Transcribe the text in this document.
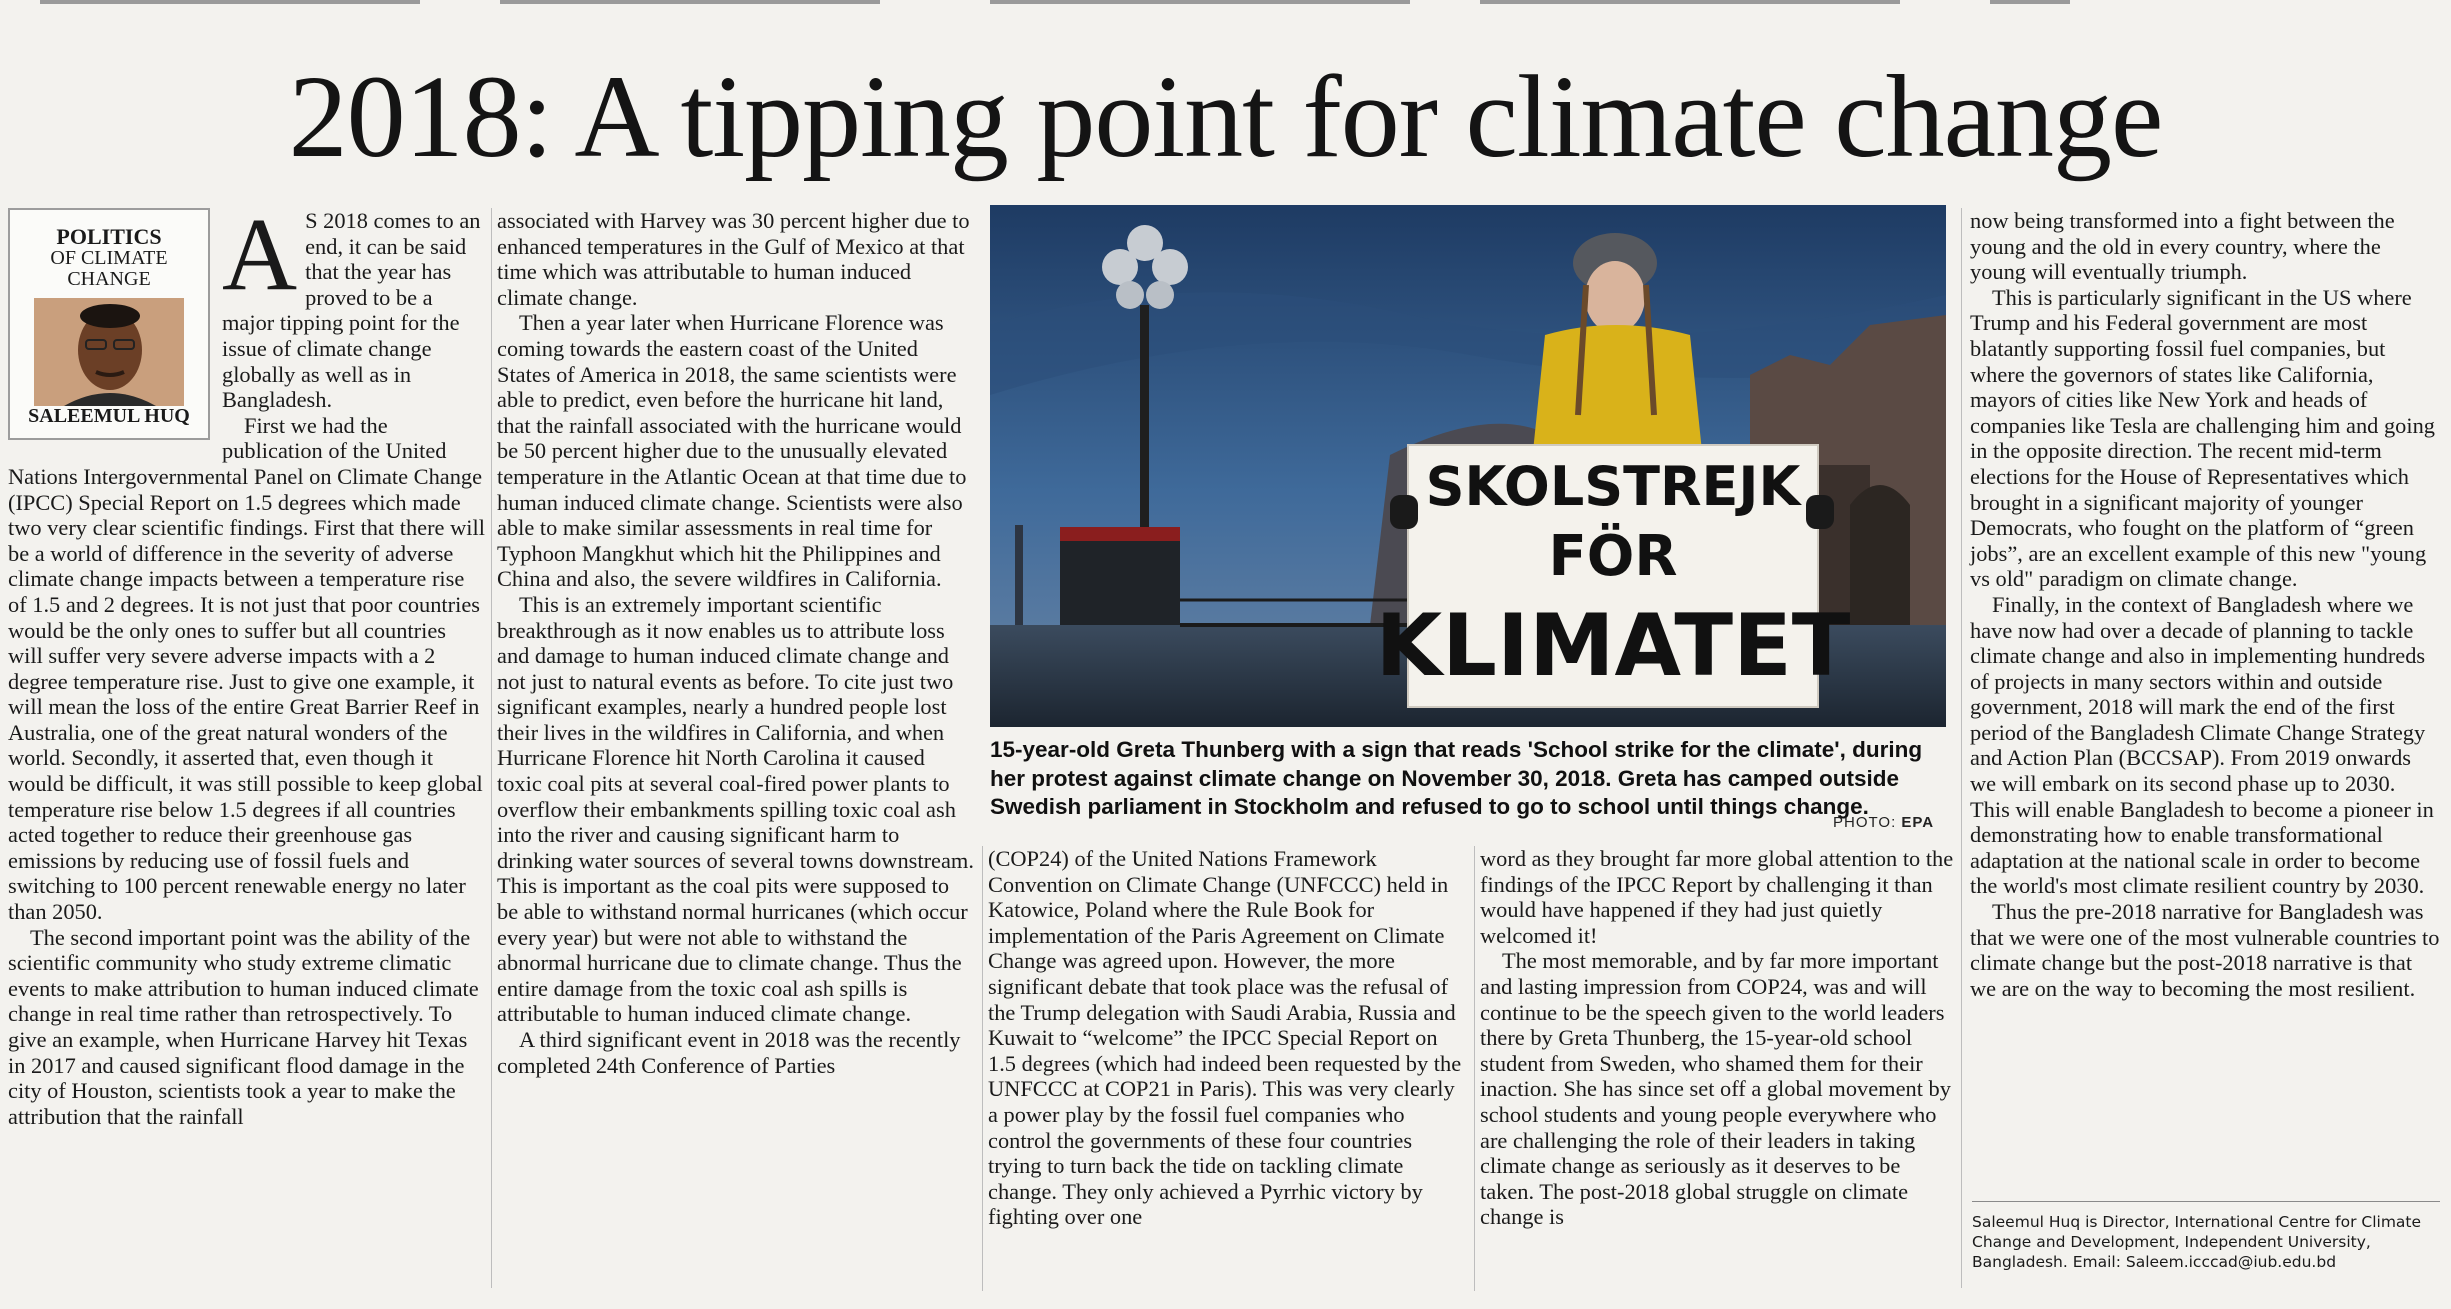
2018: A tipping point for climate change
POLITICS
OF CLIMATE
CHANGE
SALEEMUL HUQ
A S 2018 comes to an end, it can be said that the year has proved to be a major tipping point for the issue of climate change globally as well as in Bangladesh.

First we had the publication of the United Nations Intergovernmental Panel on Climate Change (IPCC) Special Report on 1.5 degrees which made two very clear scientific findings. First that there will be a world of difference in the severity of adverse climate change impacts between a temperature rise of 1.5 and 2 degrees. It is not just that poor countries would be the only ones to suffer but all countries will suffer very severe adverse impacts with a 2 degree temperature rise. Just to give one example, it will mean the loss of the entire Great Barrier Reef in Australia, one of the great natural wonders of the world. Secondly, it asserted that, even though it would be difficult, it was still possible to keep global temperature rise below 1.5 degrees if all countries acted together to reduce their greenhouse gas emissions by reducing use of fossil fuels and switching to 100 percent renewable energy no later than 2050.

The second important point was the ability of the scientific community who study extreme climatic events to make attribution to human induced climate change in real time rather than retrospectively. To give an example, when Hurricane Harvey hit Texas in 2017 and caused significant flood damage in the city of Houston, scientists took a year to make the attribution that the rainfall

associated with Harvey was 30 percent higher due to enhanced temperatures in the Gulf of Mexico at that time which was attributable to human induced climate change.

Then a year later when Hurricane Florence was coming towards the eastern coast of the United States of America in 2018, the same scientists were able to predict, even before the hurricane hit land, that the rainfall associated with the hurricane would be 50 percent higher due to the unusually elevated temperature in the Atlantic Ocean at that time due to human induced climate change. Scientists were also able to make similar assessments in real time for Typhoon Mangkhut which hit the Philippines and China and also, the severe wildfires in California.

This is an extremely important scientific breakthrough as it now enables us to attribute loss and damage to human induced climate change and not just to natural events as before. To cite just two significant examples, nearly a hundred people lost their lives in the wildfires in California, and when Hurricane Florence hit North Carolina it caused toxic coal pits at several coal-fired power plants to overflow their embankments spilling toxic coal ash into the river and causing significant harm to drinking water sources of several towns downstream. This is important as the coal pits were supposed to be able to withstand normal hurricanes (which occur every year) but were not able to withstand the abnormal hurricane due to climate change. Thus the entire damage from the toxic coal ash spills is attributable to human induced climate change.

A third significant event in 2018 was the recently completed 24th Conference of Parties

SKOLSTREJK
FÖR
KLIMATET
15-year-old Greta Thunberg with a sign that reads 'School strike for the climate', during her protest against climate change on November 30, 2018. Greta has camped outside Swedish parliament in Stockholm and refused to go to school until things change.
PHOTO: EPA

(COP24) of the United Nations Framework Convention on Climate Change (UNFCCC) held in Katowice, Poland where the Rule Book for implementation of the Paris Agreement on Climate Change was agreed upon. However, the more significant debate that took place was the refusal of the Trump delegation with Saudi Arabia, Russia and Kuwait to “welcome” the IPCC Special Report on 1.5 degrees (which had indeed been requested by the UNFCCC at COP21 in Paris). This was very clearly a power play by the fossil fuel companies who control the governments of these four countries trying to turn back the tide on tackling climate change. They only achieved a Pyrrhic victory by fighting over one

word as they brought far more global attention to the findings of the IPCC Report by challenging it than would have happened if they had just quietly welcomed it!

The most memorable, and by far more important and lasting impression from COP24, was and will continue to be the speech given to the world leaders there by Greta Thunberg, the 15-year-old school student from Sweden, who shamed them for their inaction. She has since set off a global movement by school students and young people everywhere who are challenging the role of their leaders in taking climate change as seriously as it deserves to be taken. The post-2018 global struggle on climate change is

now being transformed into a fight between the young and the old in every country, where the young will eventually triumph.

This is particularly significant in the US where Trump and his Federal government are most blatantly supporting fossil fuel companies, but where the governors of states like California, mayors of cities like New York and heads of companies like Tesla are challenging him and going in the opposite direction. The recent mid-term elections for the House of Representatives which brought in a significant majority of younger Democrats, who fought on the platform of “green jobs”, are an excellent example of this new "young vs old" paradigm on climate change.

Finally, in the context of Bangladesh where we have now had over a decade of planning to tackle climate change and also in implementing hundreds of projects in many sectors within and outside government, 2018 will mark the end of the first period of the Bangladesh Climate Change Strategy and Action Plan (BCCSAP). From 2019 onwards we will embark on its second phase up to 2030. This will enable Bangladesh to become a pioneer in demonstrating how to enable transformational adaptation at the national scale in order to become the world's most climate resilient country by 2030.

Thus the pre-2018 narrative for Bangladesh was that we were one of the most vulnerable countries to climate change but the post-2018 narrative is that we are on the way to becoming the most resilient.

Saleemul Huq is Director, International Centre for Climate Change and Development, Independent University, Bangladesh. Email: Saleem.icccad@iub.edu.bd
